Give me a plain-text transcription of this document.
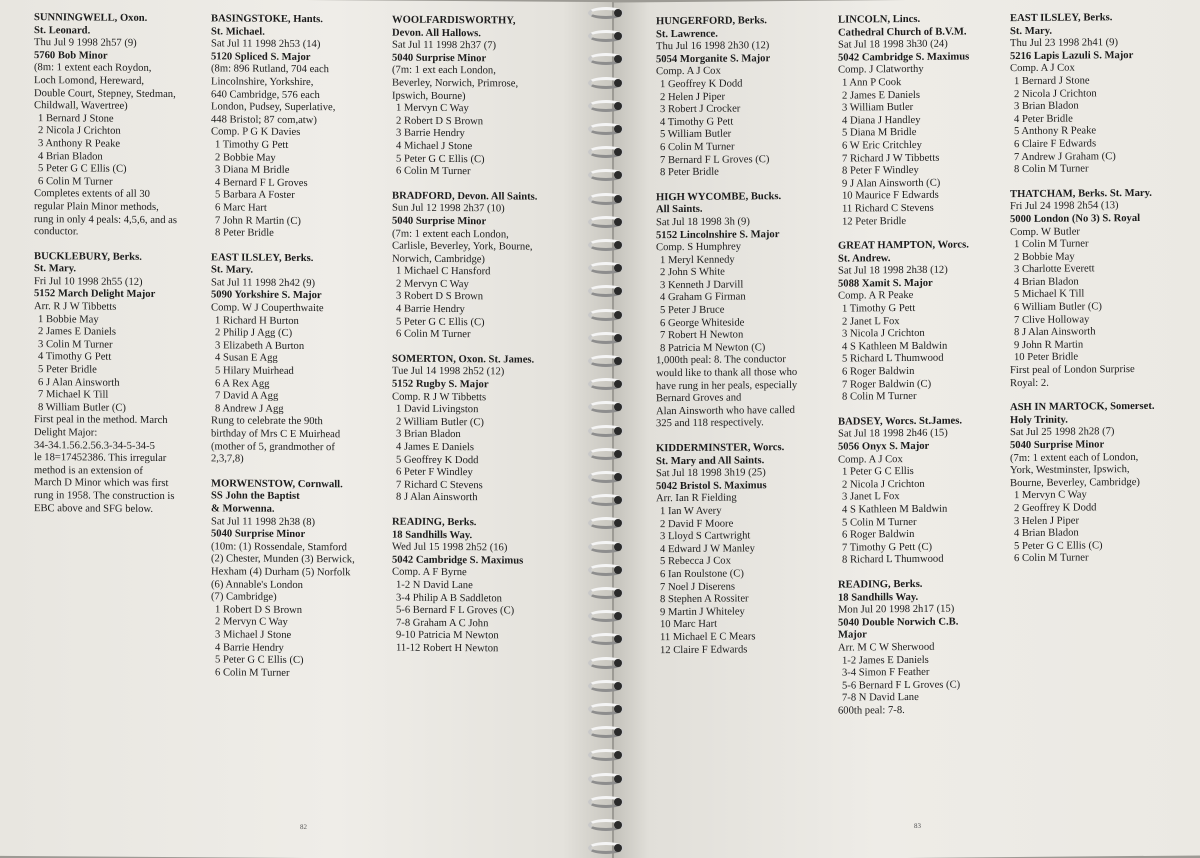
SUNNINGWELL, Oxon.
St. Leonard.
Thu Jul 9 1998 2h57 (9)
5760 Bob Minor
(8m: 1 extent each Roydon,
Loch Lomond, Hereward,
Double Court, Stepney, Stedman,
Childwall, Wavertree)
1 Bernard J Stone
2 Nicola J Crichton
3 Anthony R Peake
4 Brian Bladon
5 Peter G C Ellis (C)
6 Colin M Turner
Completes extents of all 30
regular Plain Minor methods,
rung in only 4 peals: 4,5,6, and as
conductor.
BUCKLEBURY, Berks.
St. Mary.
Fri Jul 10 1998 2h55 (12)
5152 March Delight Major
Arr. R J W Tibbetts
1 Bobbie May
2 James E Daniels
3 Colin M Turner
4 Timothy G Pett
5 Peter Bridle
6 J Alan Ainsworth
7 Michael K Till
8 William Butler (C)
First peal in the method. March
Delight Major:
34-34.1.56.2.56.3-34-5-34-5
le 18=17452386. This irregular
method is an extension of
March D Minor which was first
rung in 1958. The construction is
EBC above and SFG below.
BASINGSTOKE, Hants.
St. Michael.
Sat Jul 11 1998 2h53 (14)
5120 Spliced S. Major
(8m: 896 Rutland, 704 each
Lincolnshire, Yorkshire,
640 Cambridge, 576 each
London, Pudsey, Superlative,
448 Bristol; 87 com,atw)
Comp. P G K Davies
1 Timothy G Pett
2 Bobbie May
3 Diana M Bridle
4 Bernard F L Groves
5 Barbara A Foster
6 Marc Hart
7 John R Martin (C)
8 Peter Bridle
EAST ILSLEY, Berks.
St. Mary.
Sat Jul 11 1998 2h42 (9)
5090 Yorkshire S. Major
Comp. W J Couperthwaite
1 Richard H Burton
2 Philip J Agg (C)
3 Elizabeth A Burton
4 Susan E Agg
5 Hilary Muirhead
6 A Rex Agg
7 David A Agg
8 Andrew J Agg
Rung to celebrate the 90th
birthday of Mrs C E Muirhead
(mother of 5, grandmother of
2,3,7,8)
MORWENSTOW, Cornwall.
SS John the Baptist
& Morwenna.
Sat Jul 11 1998 2h38 (8)
5040 Surprise Minor
(10m: (1) Rossendale, Stamford
(2) Chester, Munden (3) Berwick,
Hexham (4) Durham (5) Norfolk
(6) Annable's London
(7) Cambridge)
1 Robert D S Brown
2 Mervyn C Way
3 Michael J Stone
4 Barrie Hendry
5 Peter G C Ellis (C)
6 Colin M Turner
WOOLFARDISWORTHY,
Devon. All Hallows.
Sat Jul 11 1998 2h37 (7)
5040 Surprise Minor
(7m: 1 ext each London,
Beverley, Norwich, Primrose,
Ipswich, Bourne)
1 Mervyn C Way
2 Robert D S Brown
3 Barrie Hendry
4 Michael J Stone
5 Peter G C Ellis (C)
6 Colin M Turner
BRADFORD, Devon. All Saints.
Sun Jul 12 1998 2h37 (10)
5040 Surprise Minor
(7m: 1 extent each London,
Carlisle, Beverley, York, Bourne,
Norwich, Cambridge)
1 Michael C Hansford
2 Mervyn C Way
3 Robert D S Brown
4 Barrie Hendry
5 Peter G C Ellis (C)
6 Colin M Turner
SOMERTON, Oxon. St. James.
Tue Jul 14 1998 2h52 (12)
5152 Rugby S. Major
Comp. R J W Tibbetts
1 David Livingston
2 William Butler (C)
3 Brian Bladon
4 James E Daniels
5 Geoffrey K Dodd
6 Peter F Windley
7 Richard C Stevens
8 J Alan Ainsworth
READING, Berks.
18 Sandhills Way.
Wed Jul 15 1998 2h52 (16)
5042 Cambridge S. Maximus
Comp. A F Byrne
1-2 N David Lane
3-4 Philip A B Saddleton
5-6 Bernard F L Groves (C)
7-8 Graham A C John
9-10 Patricia M Newton
11-12 Robert H Newton
82
HUNGERFORD, Berks.
St. Lawrence.
Thu Jul 16 1998 2h30 (12)
5054 Morganite S. Major
Comp. A J Cox
1 Geoffrey K Dodd
2 Helen J Piper
3 Robert J Crocker
4 Timothy G Pett
5 William Butler
6 Colin M Turner
7 Bernard F L Groves (C)
8 Peter Bridle
HIGH WYCOMBE, Bucks.
All Saints.
Sat Jul 18 1998 3h (9)
5152 Lincolnshire S. Major
Comp. S Humphrey
1 Meryl Kennedy
2 John S White
3 Kenneth J Darvill
4 Graham G Firman
5 Peter J Bruce
6 George Whiteside
7 Robert H Newton
8 Patricia M Newton (C)
1,000th peal: 8. The conductor
would like to thank all those who
have rung in her peals, especially
Bernard Groves and
Alan Ainsworth who have called
325 and 118 respectively.
KIDDERMINSTER, Worcs.
St. Mary and All Saints.
Sat Jul 18 1998 3h19 (25)
5042 Bristol S. Maximus
Arr. Ian R Fielding
1 Ian W Avery
2 David F Moore
3 Lloyd S Cartwright
4 Edward J W Manley
5 Rebecca J Cox
6 Ian Roulstone (C)
7 Noel J Diserens
8 Stephen A Rossiter
9 Martin J Whiteley
10 Marc Hart
11 Michael E C Mears
12 Claire F Edwards
LINCOLN, Lincs.
Cathedral Church of B.V.M.
Sat Jul 18 1998 3h30 (24)
5042 Cambridge S. Maximus
Comp. J Clatworthy
1 Ann P Cook
2 James E Daniels
3 William Butler
4 Diana J Handley
5 Diana M Bridle
6 W Eric Critchley
7 Richard J W Tibbetts
8 Peter F Windley
9 J Alan Ainsworth (C)
10 Maurice F Edwards
11 Richard C Stevens
12 Peter Bridle
GREAT HAMPTON, Worcs.
St. Andrew.
Sat Jul 18 1998 2h38 (12)
5088 Xamit S. Major
Comp. A R Peake
1 Timothy G Pett
2 Janet L Fox
3 Nicola J Crichton
4 S Kathleen M Baldwin
5 Richard L Thumwood
6 Roger Baldwin
7 Roger Baldwin (C)
8 Colin M Turner
BADSEY, Worcs. St.James.
Sat Jul 18 1998 2h46 (15)
5056 Onyx S. Major
Comp. A J Cox
1 Peter G C Ellis
2 Nicola J Crichton
3 Janet L Fox
4 S Kathleen M Baldwin
5 Colin M Turner
6 Roger Baldwin
7 Timothy G Pett (C)
8 Richard L Thumwood
READING, Berks.
18 Sandhills Way.
Mon Jul 20 1998 2h17 (15)
5040 Double Norwich C.B.
Major
Arr. M C W Sherwood
1-2 James E Daniels
3-4 Simon F Feather
5-6 Bernard F L Groves (C)
7-8 N David Lane
600th peal: 7-8.
EAST ILSLEY, Berks.
St. Mary.
Thu Jul 23 1998 2h41 (9)
5216 Lapis Lazuli S. Major
Comp. A J Cox
1 Bernard J Stone
2 Nicola J Crichton
3 Brian Bladon
4 Peter Bridle
5 Anthony R Peake
6 Claire F Edwards
7 Andrew J Graham (C)
8 Colin M Turner
THATCHAM, Berks. St. Mary.
Fri Jul 24 1998 2h54 (13)
5000 London (No 3) S. Royal
Comp. W Butler
1 Colin M Turner
2 Bobbie May
3 Charlotte Everett
4 Brian Bladon
5 Michael K Till
6 William Butler (C)
7 Clive Holloway
8 J Alan Ainsworth
9 John R Martin
10 Peter Bridle
First peal of London Surprise
Royal: 2.
ASH IN MARTOCK, Somerset.
Holy Trinity.
Sat Jul 25 1998 2h28 (7)
5040 Surprise Minor
(7m: 1 extent each of London,
York, Westminster, Ipswich,
Bourne, Beverley, Cambridge)
1 Mervyn C Way
2 Geoffrey K Dodd
3 Helen J Piper
4 Brian Bladon
5 Peter G C Ellis (C)
6 Colin M Turner
83
